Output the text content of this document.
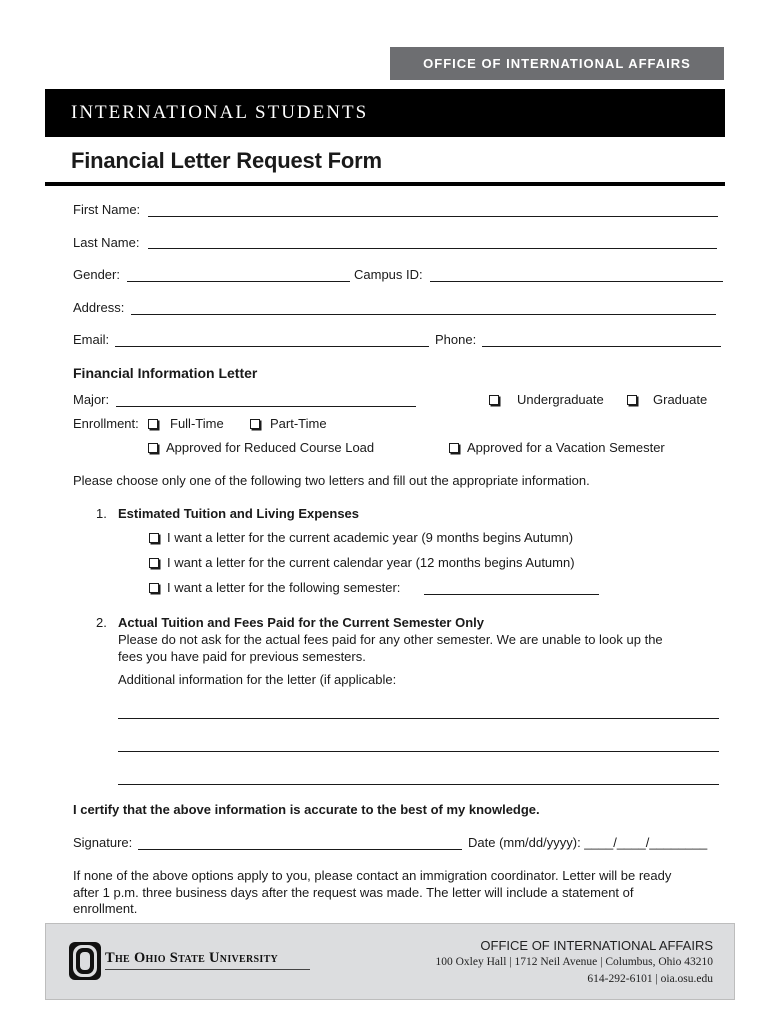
OFFICE OF INTERNATIONAL AFFAIRS
INTERNATIONAL STUDENTS
Financial Letter Request Form
First Name:
Last Name:
Gender:	Campus ID:
Address:
Email:	Phone:
Financial Information Letter
Major:	Undergraduate	Graduate
Enrollment:	Full-Time	Part-Time
Approved for Reduced Course Load	Approved for a Vacation Semester
Please choose only one of the following two letters and fill out the appropriate information.
1. Estimated Tuition and Living Expenses
I want a letter for the current academic year (9 months begins Autumn)
I want a letter for the current calendar year (12 months begins Autumn)
I want a letter for the following semester:
2. Actual Tuition and Fees Paid for the Current Semester Only
Please do not ask for the actual fees paid for any other semester. We are unable to look up the
fees you have paid for previous semesters.
Additional information for the letter (if applicable:
I certify that the above information is accurate to the best of my knowledge.
Signature:	Date (mm/dd/yyyy): ____/____/________
If none of the above options apply to you, please contact an immigration coordinator. Letter will be ready
after 1 p.m. three business days after the request was made. The letter will include a statement of
enrollment.
The Ohio State University
OFFICE OF INTERNATIONAL AFFAIRS
100 Oxley Hall | 1712 Neil Avenue | Columbus, Ohio 43210
614-292-6101 | oia.osu.edu
